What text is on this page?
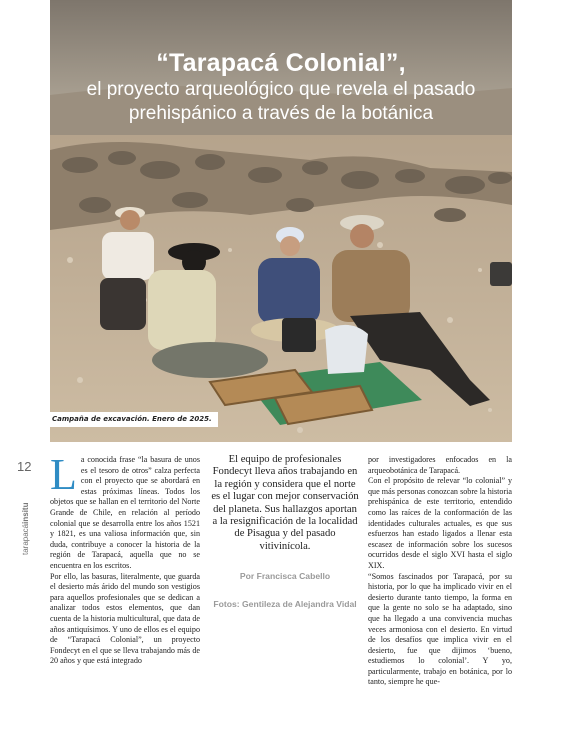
“Tarapacá Colonial”,
el proyecto arqueológico que revela el pasado
prehispánico a través de la botánica
Campaña de excavación. Enero de 2025.
12
tarapacáinsitu

La conocida frase “la basura de unos es el tesoro de otros” calza perfecta con el proyecto que se abordará en estas próximas líneas. Todos los objetos que se hallan en el territorio del Norte Grande de Chile, en relación al período colonial que se desarrolla entre los años 1521 y 1821, es una valiosa información que, sin duda, contribuye a conocer la historia de la región de Tarapacá, aquella que no se encuentra en los escritos.

Por ello, las basuras, literalmente, que guarda el desierto más árido del mundo son vestigios para aquellos profesionales que se dedican a analizar todos estos elementos, que dan cuenta de la historia multicultural, que data de años antiquísimos. Y uno de ellos es el equipo de “Tarapacá Colonial”, un proyecto Fondecyt en el que se lleva trabajando más de 20 años y que está integrado

El equipo de profesionales Fondecyt lleva años trabajando en la región y considera que el norte es el lugar con mejor conservación del planeta. Sus hallazgos aportan a la resignificación de la localidad de Pisagua y del pasado vitivinícola.

Por Francisca Cabello
Fotos: Gentileza de Alejandra Vidal

por investigadores enfocados en la arqueobotánica de Tarapacá.

Con el propósito de relevar “lo colonial” y que más personas conozcan sobre la historia prehispánica de este territorio, entendido como las raíces de la conformación de las identidades culturales actuales, es que sus esfuerzos han estado ligados a llenar esta escasez de información sobre los sucesos ocurridos desde el siglo XVI hasta el siglo XIX.

“Somos fascinados por Tarapacá, por su historia, por lo que ha implicado vivir en el desierto durante tanto tiempo, la forma en que la gente no solo se ha adaptado, sino que ha llegado a una convivencia muchas veces armoniosa con el desierto. En virtud de los desafíos que implica vivir en el desierto, fue que dijimos ‘bueno, estudiemos lo colonial’. Y yo, particularmente, trabajo en botánica, por lo tanto, siempre he que-
